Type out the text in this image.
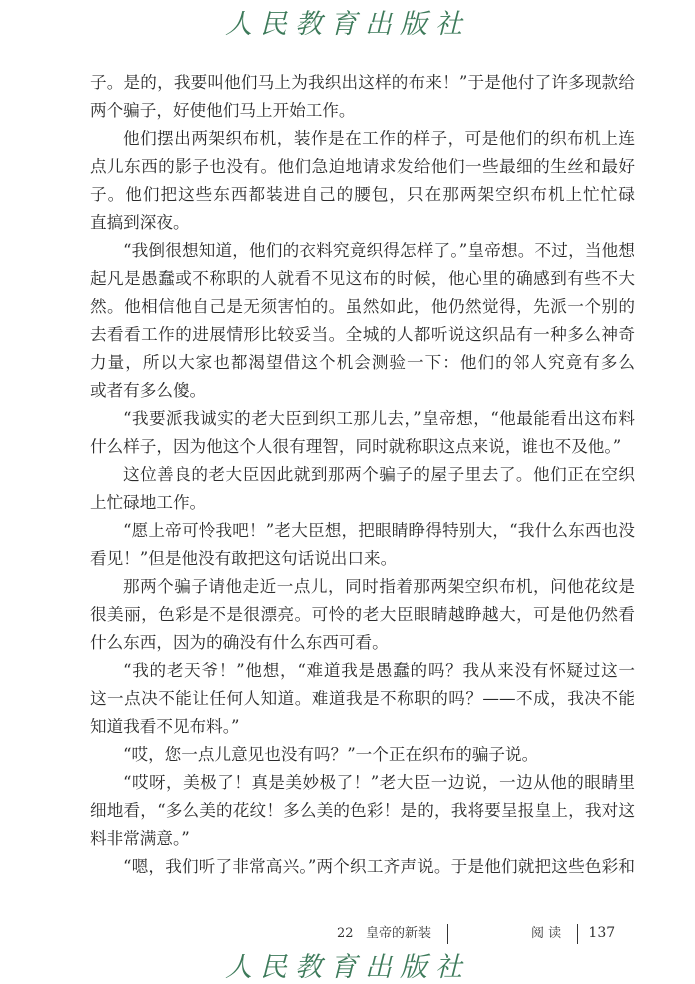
人民教育出版社
子。是的，我要叫他们马上为我织出这样的布来！”于是他付了许多现款给
两个骗子，好使他们马上开始工作。
他们摆出两架织布机，装作是在工作的样子，可是他们的织布机上连
点儿东西的影子也没有。他们急迫地请求发给他们一些最细的生丝和最好
子。他们把这些东西都装进自己的腰包，只在那两架空织布机上忙忙碌
直搞到深夜。
“我倒很想知道，他们的衣料究竟织得怎样了。”皇帝想。不过，当他想
起凡是愚蠢或不称职的人就看不见这布的时候，他心里的确感到有些不大
然。他相信他自己是无须害怕的。虽然如此，他仍然觉得，先派一个别的
去看看工作的进展情形比较妥当。全城的人都听说这织品有一种多么神奇
力量，所以大家也都渴望借这个机会测验一下：他们的邻人究竟有多么
或者有多么傻。
“我要派我诚实的老大臣到织工那儿去，”皇帝想，“他最能看出这布料
什么样子，因为他这个人很有理智，同时就称职这点来说，谁也不及他。”
这位善良的老大臣因此就到那两个骗子的屋子里去了。他们正在空织
上忙碌地工作。
“愿上帝可怜我吧！”老大臣想，把眼睛睁得特别大，“我什么东西也没
看见！”但是他没有敢把这句话说出口来。
那两个骗子请他走近一点儿，同时指着那两架空织布机，问他花纹是
很美丽，色彩是不是很漂亮。可怜的老大臣眼睛越睁越大，可是他仍然看
什么东西，因为的确没有什么东西可看。
“我的老天爷！”他想，“难道我是愚蠢的吗？我从来没有怀疑过这一
这一点决不能让任何人知道。难道我是不称职的吗？——不成，我决不能
知道我看不见布料。”
“哎，您一点儿意见也没有吗？”一个正在织布的骗子说。
“哎呀，美极了！真是美妙极了！”老大臣一边说，一边从他的眼睛里
细地看，“多么美的花纹！多么美的色彩！是的，我将要呈报皇上，我对这
料非常满意。”
“嗯，我们听了非常高兴。”两个织工齐声说。于是他们就把这些色彩和
22 皇帝的新装	阅 读 137
人民教育出版社
